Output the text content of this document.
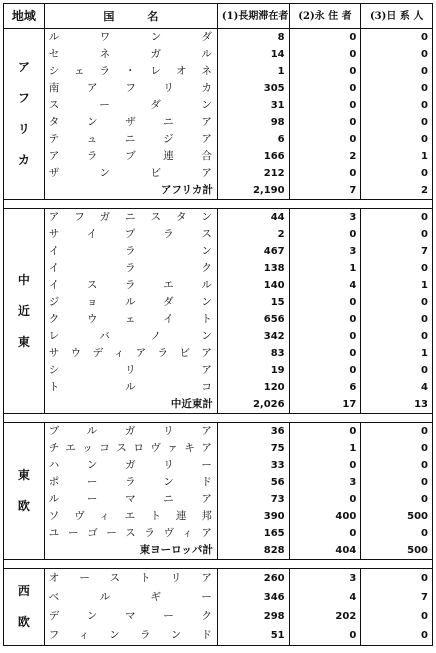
地域	国　　　名	(1)長期滞在者	(2)永 住 者	(3)日 系 人

ア
フ
リ
カ	ルワンダ	8	0	0
	セネガル	14	0	0
	シェラ・レオネ	1	0	0
	南アフリカ	305	0	0
	スーダン	31	0	0
	タンザニア	98	0	0
	テュニジア	6	0	0
	アラブ連合	166	2	1
	ザンビア	212	0	0
	アフリカ計	2,190	7	2

中
近
東	アフガニスタン	44	3	0
	サイプラス	2	0	0
	イラン	467	3	7
	イラク	138	1	0
	イスラエル	140	4	1
	ジョルダン	15	0	0
	クウェイト	656	0	0
	レバノン	342	0	0
	サウディアラビア	83	0	1
	シリア	19	0	0
	トルコ	120	6	4
	中近東計	2,026	17	13

東
欧	ブルガリア	36	0	0
	チエッコスロヴァキア	75	1	0
	ハンガリー	33	0	0
	ポーランド	56	3	0
	ルーマニア	73	0	0
	ソヴィエト連邦	390	400	500
	ユーゴースラヴィア	165	0	0
	東ヨーロッパ計	828	404	500

西
欧	オーストリア	260	3	0
	ベルギー	346	4	7
	デンマーク	298	202	0
	フィンランド	51	0	0
